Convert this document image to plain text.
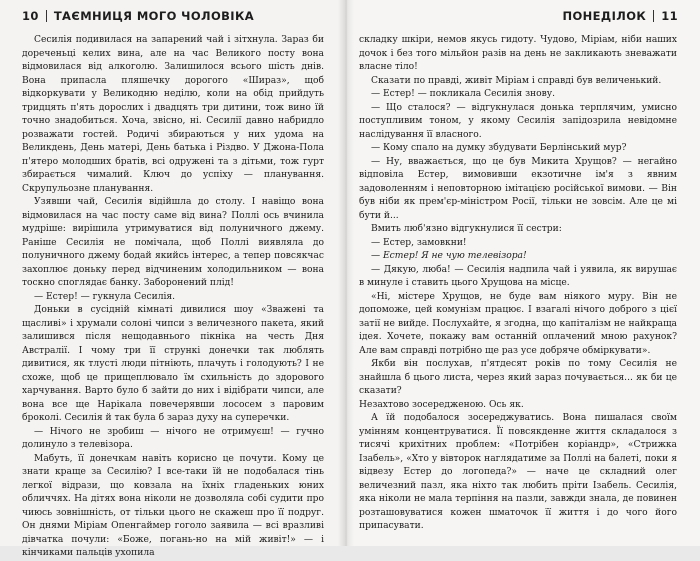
10 ТАЄМНИЦЯ МОГО ЧОЛОВІКА

Сесилія подивилася на запарений чай і зітхнула. Зараз би дореченьці келих вина, але на час Великого посту вона відмовилася від алкоголю. Залишилося всього шість днів. Вона припасла пляшечку дорогого «Шираз», щоб відкоркувати у Великодню неділю, коли на обід прийдуть тридцять п'ять дорослих і двадцять три дитини, тож вино їй точно знадобиться. Хоча, звісно, ні. Сесилії давно набридло розважати гостей. Родичі збираються у них удома на Великдень, День матері, День батька і Різдво. У Джона-Пола п'ятеро молодших братів, всі одружені та з дітьми, тож гурт збирається чималий. Ключ до успіху — планування. Скрупульозне планування.

Узявши чай, Сесилія відійшла до столу. І навіщо вона відмовилася на час посту саме від вина? Поллі ось вчинила мудріше: вирішила утримуватися від полуничного джему. Раніше Сесилія не помічала, щоб Поллі виявляла до полуничного джему бодай якийсь інтерес, а тепер повсякчас захоплює доньку перед відчиненим холодильником — вона тоскно споглядає банку. Заборонений плід!

— Естер! — гукнула Сесилія.

Доньки в сусідній кімнаті дивилися шоу «Зважені та щасливі» і хрумали солоні чипси з величезного пакета, який залишився після нещодавнього пікніка на честь Дня Австралії. І чому три її стрункі донечки так люблять дивитися, як тлусті люди пітніють, плачуть і голодують? І не схоже, щоб це прищеплювало їм схильність до здорового харчування. Варто було б зайти до них і відібрати чипси, але вона все ще Нарікала повечерявши лососем з паровим броколі. Сесилія й так була б зараз духу на суперечки.

— Нічого не зробиш — нічого не отримуєш! — гучно долинуло з телевізора.

Мабуть, її донечкам навіть корисно це почути. Кому це знати краще за Сесилію? І все-таки їй не подобалася тінь легкої відрази, що ковзала на їхніх гладеньких юних обличчях. На дітях вона ніколи не дозволяла собі судити про чиюсь зовнішність, от тільки цього не скажеш про її подруг. Он днями Міріам Опенгаймер гоголо заявила — всі вразливі дівчатка почули: «Боже, погань-но на мій живіт!» — і кінчиками пальців ухопила

ПОНЕДІЛОК 11

складку шкіри, немов якусь гидоту. Чудово, Міріам, ніби наших дочок і без того мільйон разів на день не закликають зневажати власне тіло!

Сказати по правді, живіт Міріам і справді був величенький.

— Естер! — покликала Сесилія знову.

— Що сталося? — відгукнулася донька терплячим, умисно поступливим тоном, у якому Сесилія запідозрила невідомне наслідування її власного.

— Кому спало на думку збудувати Берлінський мур?

— Ну, вважається, що це був Микита Хрущов? — негайно відповіла Естер, вимовивши екзотичне ім'я з явним задоволенням і неповторною імітацією російської вимови. — Він був ніби як прем'єр-міністром Росії, тільки не зовсім. Але це мі бути й...

Вмить люб'язно відгукнулися її сестри:

— Естер, замовкни!

— Естер! Я не чую телевізора!

— Дякую, люба! — Сесилія надпила чай і уявила, як вирушає в минуле і ставить цього Хрущова на місце.

«Ні, містере Хрущов, не буде вам ніякого муру. Він не допоможе, цей комунізм працює. І взагалі нічого доброго з цієї затії не вийде. Послухайте, я згодна, що капіталізм не найкраща ідея. Хочете, покажу вам останній оплачений мною рахунок? Але вам справді потрібно ще раз усе добряче обміркувати».

Якби він послухав, п'ятдесят років по тому Сесилія не знайшла б цього листа, через який зараз почувається... як би це сказати?

Незахтово зосередженою. Ось як.

А їй подобалося зосереджуватись. Вона пишалася своїм умінням концентруватися. Її повсякденне життя складалося з тисячі крихітних проблем: «Потрібен коріандр», «Стрижка Ізабель», «Хто у вівторок наглядатиме за Поллі на балеті, поки я відвезу Естер до логопеда?» — наче це складний олег величезний пазл, яка ніхто так любить пріти Ізабель. Сесилія, яка ніколи не мала терпіння на пазли, завжди знала, де повинен розташовуватися кожен шматочок її життя і до чого його припасувати.
